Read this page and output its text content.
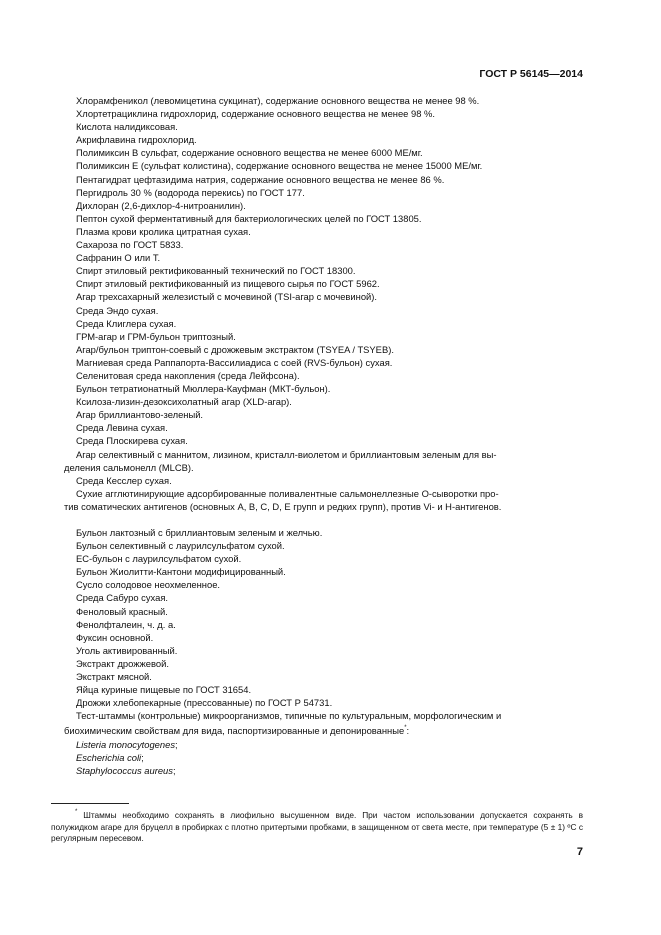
ГОСТ Р 56145—2014
Хлорамфеникол (левомицетина сукцинат), содержание основного вещества не менее 98 %.
Хлортетрациклина гидрохлорид, содержание основного вещества не менее 98 %.
Кислота налидиксовая.
Акрифлавина гидрохлорид.
Полимиксин В сульфат, содержание основного вещества не менее 6000 МЕ/мг.
Полимиксин Е (сульфат колистина), содержание основного вещества не менее 15000 МЕ/мг.
Пентагидрат цефтазидима натрия, содержание основного вещества не менее 86 %.
Пергидроль 30 % (водорода перекись) по ГОСТ 177.
Дихлоран (2,6-дихлор-4-нитроанилин).
Пептон сухой ферментативный для бактериологических целей по ГОСТ 13805.
Плазма крови кролика цитратная сухая.
Сахароза по ГОСТ 5833.
Сафранин О или Т.
Спирт этиловый ректификованный технический по ГОСТ 18300.
Спирт этиловый ректификованный из пищевого сырья по ГОСТ 5962.
Агар трехсахарный железистый с мочевиной (TSI-агар с мочевиной).
Среда Эндо сухая.
Среда Клиглера сухая.
ГРМ-агар и ГРМ-бульон триптозный.
Агар/бульон триптон-соевый с дрожжевым экстрактом (TSYEA / TSYEB).
Магниевая среда Раппапорта-Вассилиадиса с соей (RVS-бульон) сухая.
Селенитовая среда накопления (среда Лейфсона).
Бульон тетратионатный Мюллера-Кауфман (МКТ-бульон).
Ксилоза-лизин-дезоксихолатный агар (XLD-агар).
Агар бриллиантово-зеленый.
Среда Левина сухая.
Среда Плоскирева сухая.
Агар селективный с маннитом, лизином, кристалл-виолетом и бриллиантовым зеленым для вы-
деления сальмонелл (MLCB).
Среда Кесслер сухая.
Сухие агглютинирующие адсорбированные поливалентные сальмонеллезные О-сыворотки про-
тив соматических антигенов (основных А, В, С, D, Е групп и редких групп), против Vi- и Н-антигенов.
Бульон лактозный с бриллиантовым зеленым и желчью.
Бульон селективный с лаурилсульфатом сухой.
ЕС-бульон с лаурилсульфатом сухой.
Бульон Жиолитти-Кантони модифицированный.
Сусло солодовое неохмеленное.
Среда Сабуро сухая.
Феноловый красный.
Фенолфталеин, ч. д. а.
Фуксин основной.
Уголь активированный.
Экстракт дрожжевой.
Экстракт мясной.
Яйца куриные пищевые по ГОСТ 31654.
Дрожжи хлебопекарные (прессованные) по ГОСТ Р 54731.
Тест-штаммы (контрольные) микроорганизмов, типичные по культуральным, морфологическим и
биохимическим свойствам для вида, паспортизированные и депонированные*:
Listeria monocytogenes;
Escherichia coli;
Staphylococcus aureus;
* Штаммы необходимо сохранять в лиофильно высушенном виде. При частом использовании допускается сохранять в полужидком агаре для бруцелл в пробирках с плотно притертыми пробками, в защищенном от света месте, при температуре (5 ± 1) ºС с регулярным пересевом.
7
